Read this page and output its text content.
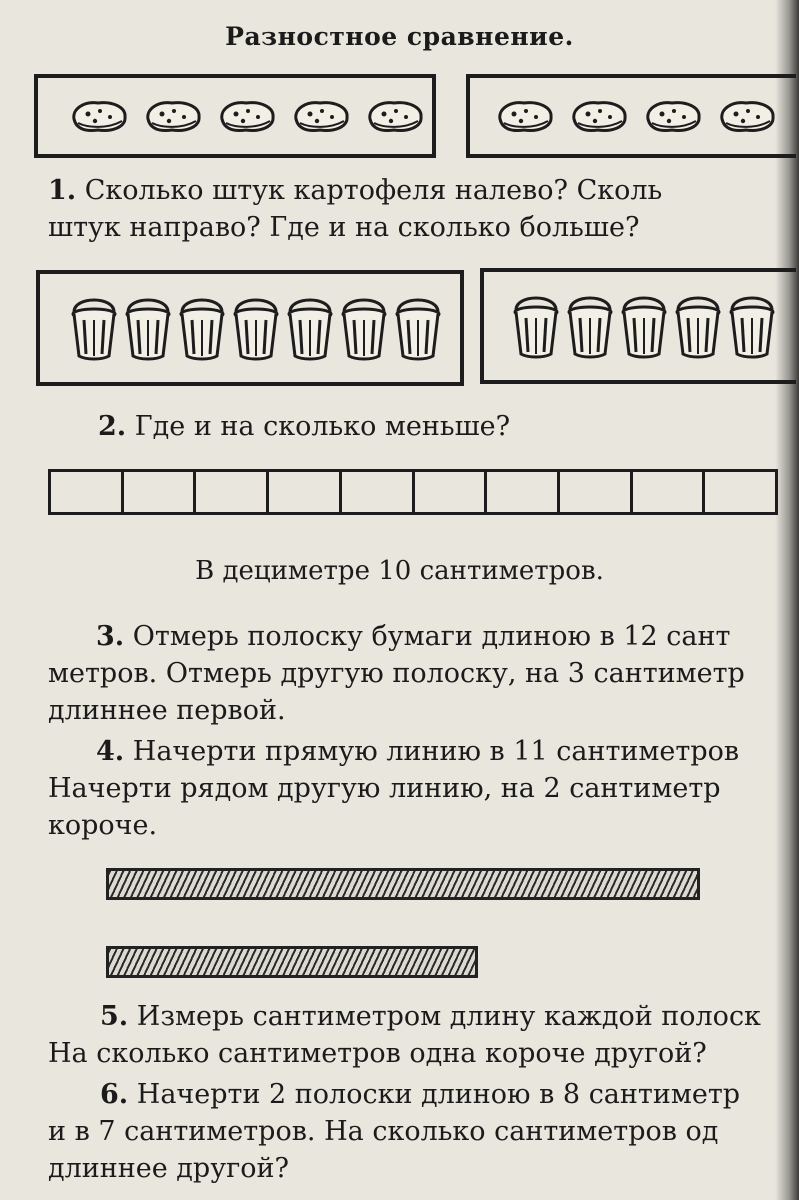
Разностное сравнение.
1. Сколько штук картофеля налево? Сколь
штук направо? Где и на сколько больше?
2. Где и на сколько меньше?
В дециметре 10 сантиметров.
3. Отмерь полоску бумаги длиною в 12 сант
метров. Отмерь другую полоску, на 3 сантиметр
длиннее первой.
4. Начерти прямую линию в 11 сантиметров
Начерти рядом другую линию, на 2 сантиметр
короче.
5. Измерь сантиметром длину каждой полоск
На сколько сантиметров одна короче другой?
6. Начерти 2 полоски длиною в 8 сантиметр
и в 7 сантиметров. На сколько сантиметров од
длиннее другой?
